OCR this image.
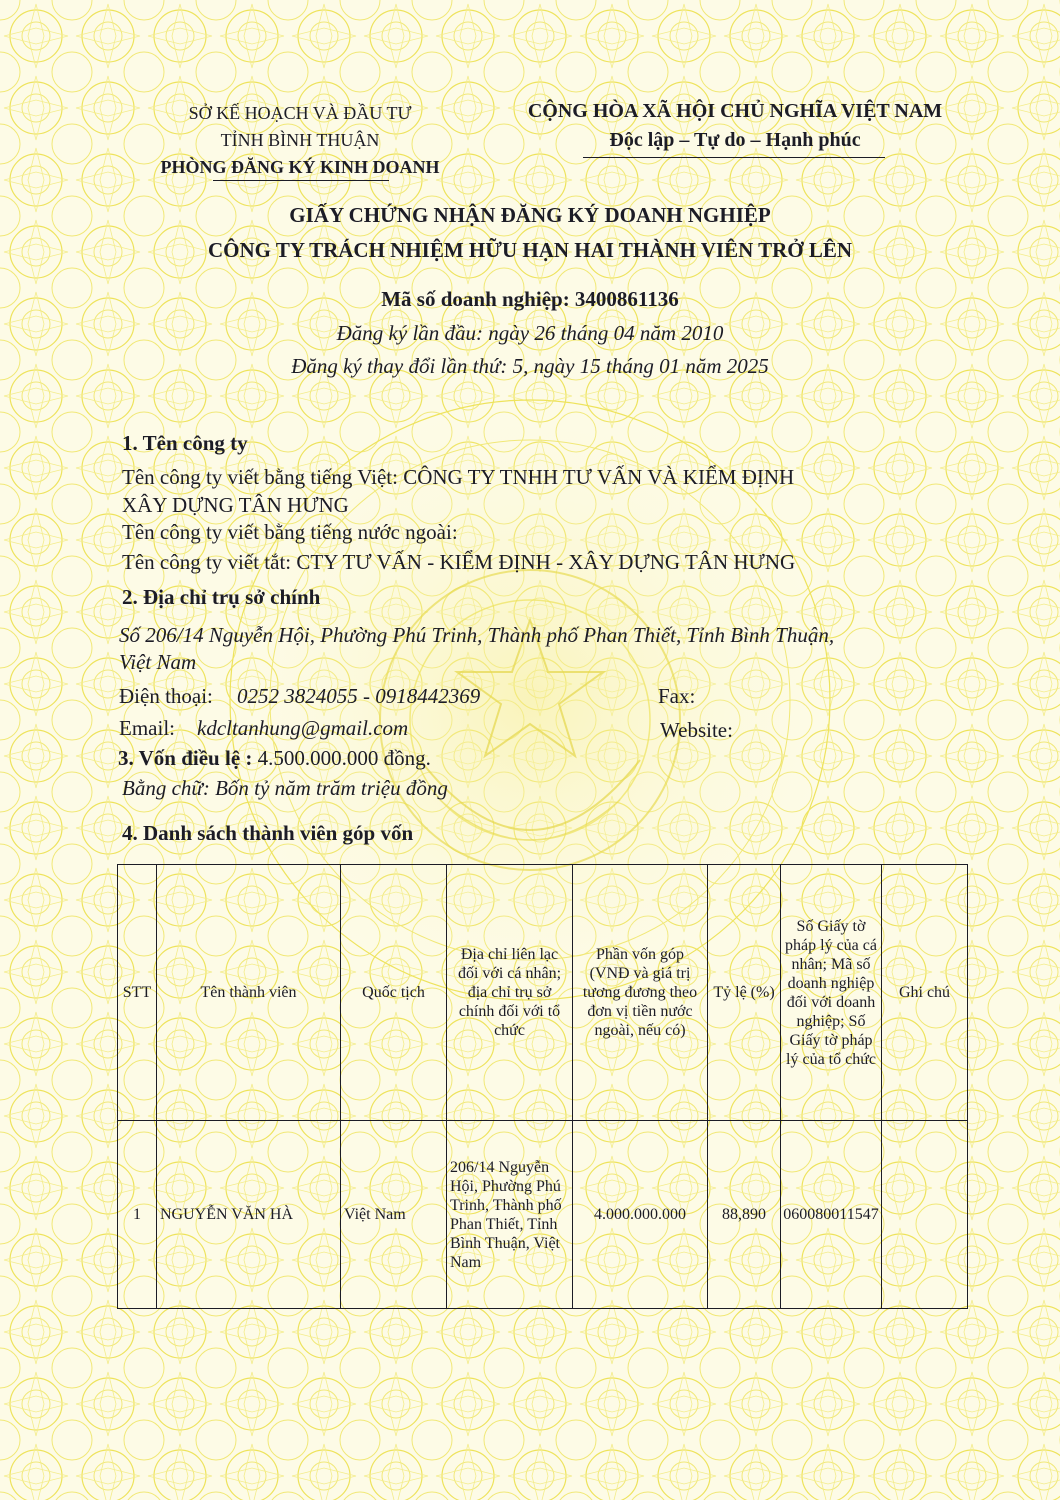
SỞ KẾ HOẠCH VÀ ĐẦU TƯ
TỈNH BÌNH THUẬN
PHÒNG ĐĂNG KÝ KINH DOANH
CỘNG HÒA XÃ HỘI CHỦ NGHĨA VIỆT NAM
Độc lập – Tự do – Hạnh phúc
GIẤY CHỨNG NHẬN ĐĂNG KÝ DOANH NGHIỆP
CÔNG TY TRÁCH NHIỆM HỮU HẠN HAI THÀNH VIÊN TRỞ LÊN
Mã số doanh nghiệp: 3400861136
Đăng ký lần đầu: ngày 26 tháng 04 năm 2010
Đăng ký thay đổi lần thứ: 5, ngày 15 tháng 01 năm 2025
1. Tên công ty
Tên công ty viết bằng tiếng Việt: CÔNG TY TNHH TƯ VẤN VÀ KIỂM ĐỊNH
XÂY DỰNG TÂN HƯNG
Tên công ty viết bằng tiếng nước ngoài:
Tên công ty viết tắt: CTY TƯ VẤN - KIỂM ĐỊNH - XÂY DỰNG TÂN HƯNG
2. Địa chỉ trụ sở chính
Số 206/14 Nguyễn Hội, Phường Phú Trinh, Thành phố Phan Thiết, Tỉnh Bình Thuận,
Việt Nam
Điện thoại: 0252 3824055 - 0918442369	Fax:
Email: kdcltanhung@gmail.com	Website:
3. Vốn điều lệ : 4.500.000.000 đồng.
Bằng chữ: Bốn tỷ năm trăm triệu đồng
4. Danh sách thành viên góp vốn
STT	Tên thành viên	Quốc tịch	Địa chỉ liên lạc đối với cá nhân; địa chỉ trụ sở chính đối với tổ chức	Phần vốn góp (VNĐ và giá trị tương đương theo đơn vị tiền nước ngoài, nếu có)	Tỷ lệ (%)	Số Giấy tờ pháp lý của cá nhân; Mã số doanh nghiệp đối với doanh nghiệp; Số Giấy tờ pháp lý của tổ chức	Ghi chú
1	NGUYỄN VĂN HÀ	Việt Nam	206/14 Nguyễn Hội, Phường Phú Trinh, Thành phố Phan Thiết, Tỉnh Bình Thuận, Việt Nam	4.000.000.000	88,890	060080011547	
